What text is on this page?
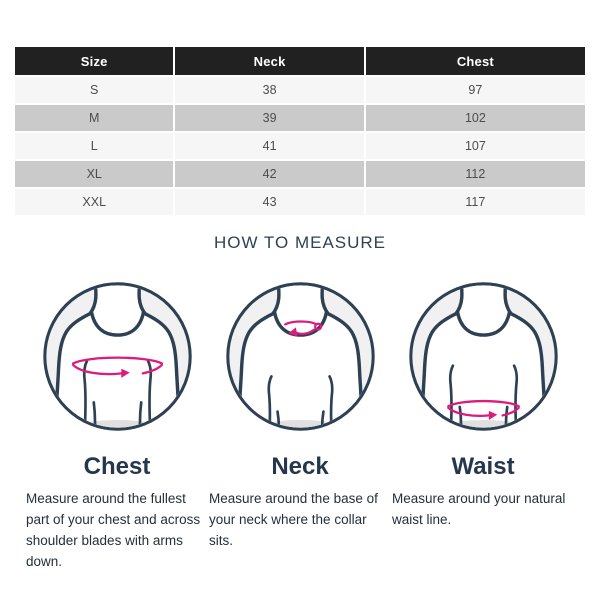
Size	Neck	Chest
S	38	97
M	39	102
L	41	107
XL	42	112
XXL	43	117
HOW TO MEASURE
Chest
Measure around the fullest part of your chest and across shoulder blades with arms down.
Neck
Measure around the base of your neck where the collar sits.
Waist
Measure around your natural waist line.
